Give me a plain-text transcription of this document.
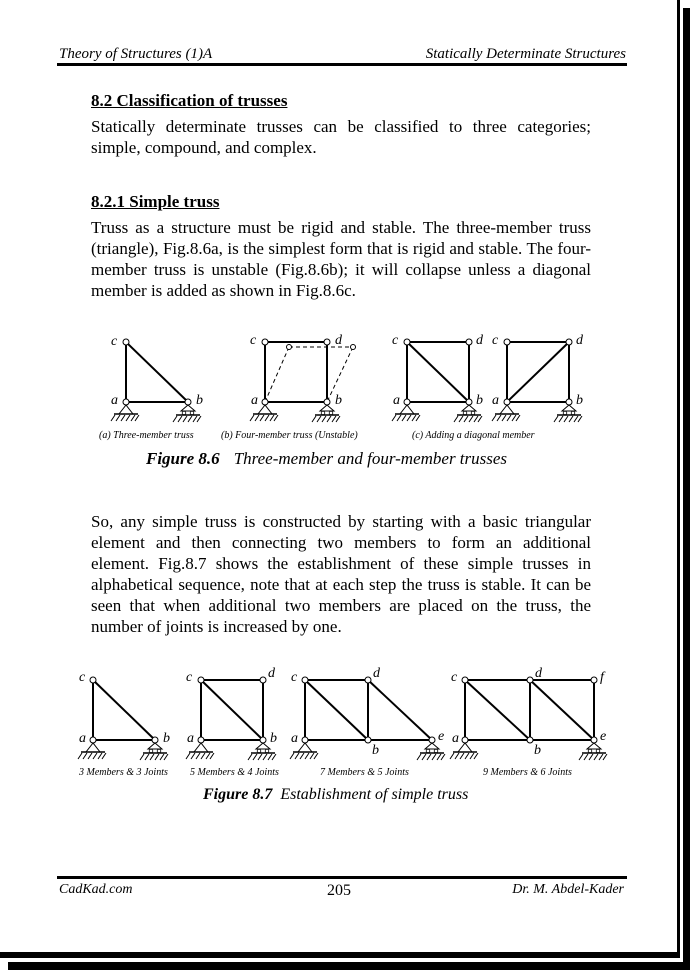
Theory of Structures (1)A	Statically Determinate Structures
8.2 Classification of trusses
Statically determinate trusses can be classified to three categories; simple, compound, and complex.
8.2.1 Simple truss
Truss as a structure must be rigid and stable. The three-member truss (triangle), Fig.8.6a, is the simplest form that is rigid and stable. The four-member truss is unstable (Fig.8.6b); it will collapse unless a diagonal member is added as shown in Fig.8.6c.
So, any simple truss is constructed by starting with a basic triangular element and then connecting two members to form an additional element. Fig.8.7 shows the establishment of these simple trusses in alphabetical sequence, note that at each step the truss is stable. It can be seen that when additional two members are placed on the truss, the number of joints is increased by one.
c
a	b
c	d
a	b
c	d
a	b
c	d
a	b
c
a	b
c	d
a	b
c	d
a
b
e
c	d	f
a
b
e
(a) Three-member truss	(b) Four-member truss (Unstable)	(c) Adding a diagonal member
Figure 8.6 Three-member and four-member trusses
3 Members & 3 Joints 5 Members & 4 Joints	7 Members & 5 Joints	9 Members & 6 Joints
Figure 8.7 Establishment of simple truss
CadKad.com	205	Dr. M. Abdel-Kader
